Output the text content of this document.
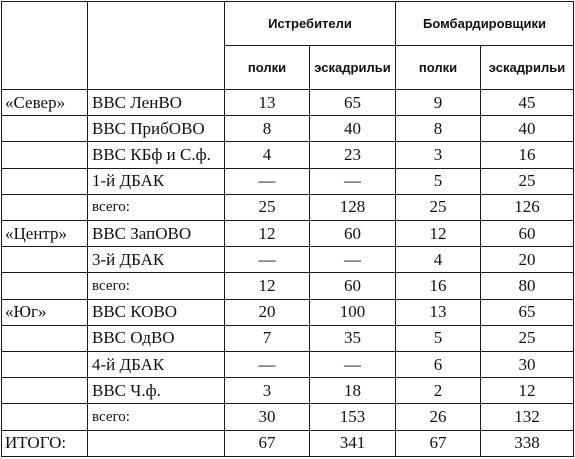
		Истребители		Бомбардировщики	
		полки	эскадрильи	полки	эскадрильи
«Север»	ВВС ЛенВО	13	65	9	45
	ВВС ПрибОВО	8	40	8	40
	ВВС КБф и С.ф.	4	23	3	16
	1-й ДБАК	—	—	5	25
	всего:	25	128	25	126
«Центр»	ВВС ЗапОВО	12	60	12	60
	3-й ДБАК	—	—	4	20
	всего:	12	60	16	80
«Юг»	ВВС КОВО	20	100	13	65
	ВВС ОдВО	7	35	5	25
	4-й ДБАК	—	—	6	30
	ВВС Ч.ф.	3	18	2	12
	всего:	30	153	26	132
ИТОГО:		67	341	67	338
